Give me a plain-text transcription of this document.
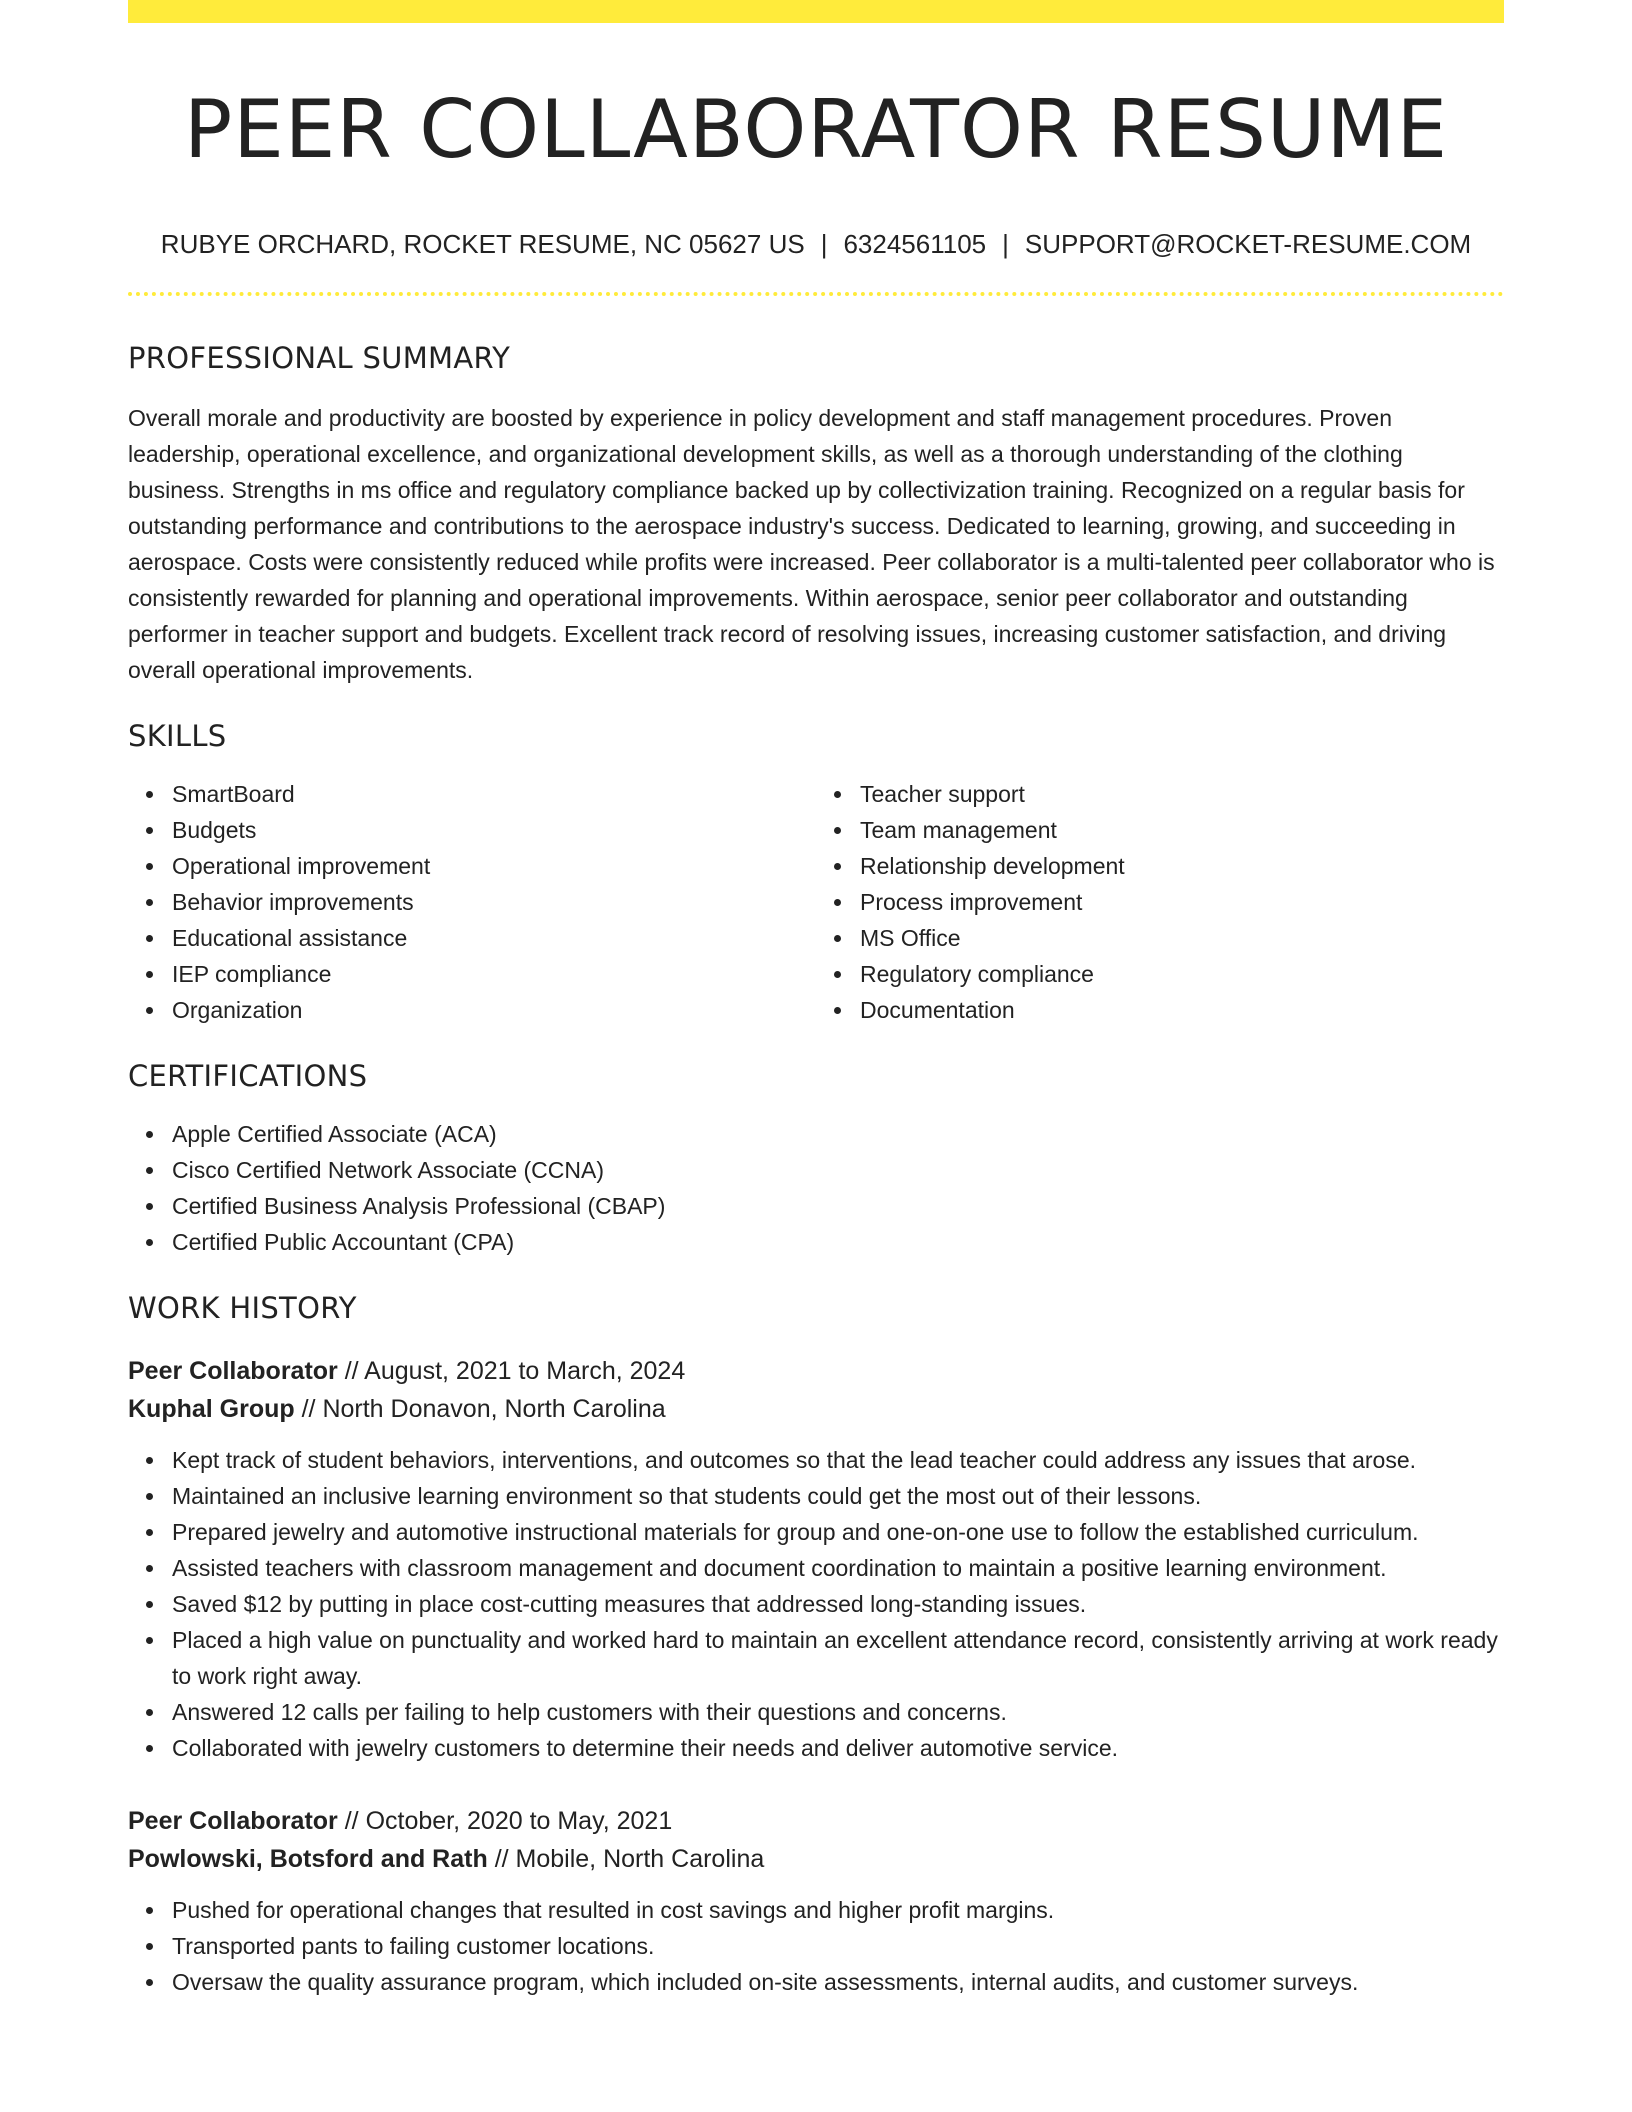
PEER COLLABORATOR RESUME
RUBYE ORCHARD, ROCKET RESUME, NC 05627 US | 6324561105 | SUPPORT@ROCKET-RESUME.COM
PROFESSIONAL SUMMARY

Overall morale and productivity are boosted by experience in policy development and staff management procedures. Proven leadership, operational excellence, and organizational development skills, as well as a thorough understanding of the clothing business. Strengths in ms office and regulatory compliance backed up by collectivization training. Recognized on a regular basis for outstanding performance and contributions to the aerospace industry's success. Dedicated to learning, growing, and succeeding in aerospace. Costs were consistently reduced while profits were increased. Peer collaborator is a multi-talented peer collaborator who is consistently rewarded for planning and operational improvements. Within aerospace, senior peer collaborator and outstanding performer in teacher support and budgets. Excellent track record of resolving issues, increasing customer satisfaction, and driving overall operational improvements.

SKILLS
SmartBoard
Budgets
Operational improvement
Behavior improvements
Educational assistance
IEP compliance
Organization
Teacher support
Team management
Relationship development
Process improvement
MS Office
Regulatory compliance
Documentation
CERTIFICATIONS
Apple Certified Associate (ACA)
Cisco Certified Network Associate (CCNA)
Certified Business Analysis Professional (CBAP)
Certified Public Accountant (CPA)
WORK HISTORY
Peer Collaborator // August, 2021 to March, 2024
Kuphal Group // North Donavon, North Carolina
Kept track of student behaviors, interventions, and outcomes so that the lead teacher could address any issues that arose.
Maintained an inclusive learning environment so that students could get the most out of their lessons.
Prepared jewelry and automotive instructional materials for group and one-on-one use to follow the established curriculum.
Assisted teachers with classroom management and document coordination to maintain a positive learning environment.
Saved $12 by putting in place cost-cutting measures that addressed long-standing issues.
Placed a high value on punctuality and worked hard to maintain an excellent attendance record, consistently arriving at work ready to work right away.
Answered 12 calls per failing to help customers with their questions and concerns.
Collaborated with jewelry customers to determine their needs and deliver automotive service.
Peer Collaborator // October, 2020 to May, 2021
Powlowski, Botsford and Rath // Mobile, North Carolina
Pushed for operational changes that resulted in cost savings and higher profit margins.
Transported pants to failing customer locations.
Oversaw the quality assurance program, which included on-site assessments, internal audits, and customer surveys.
